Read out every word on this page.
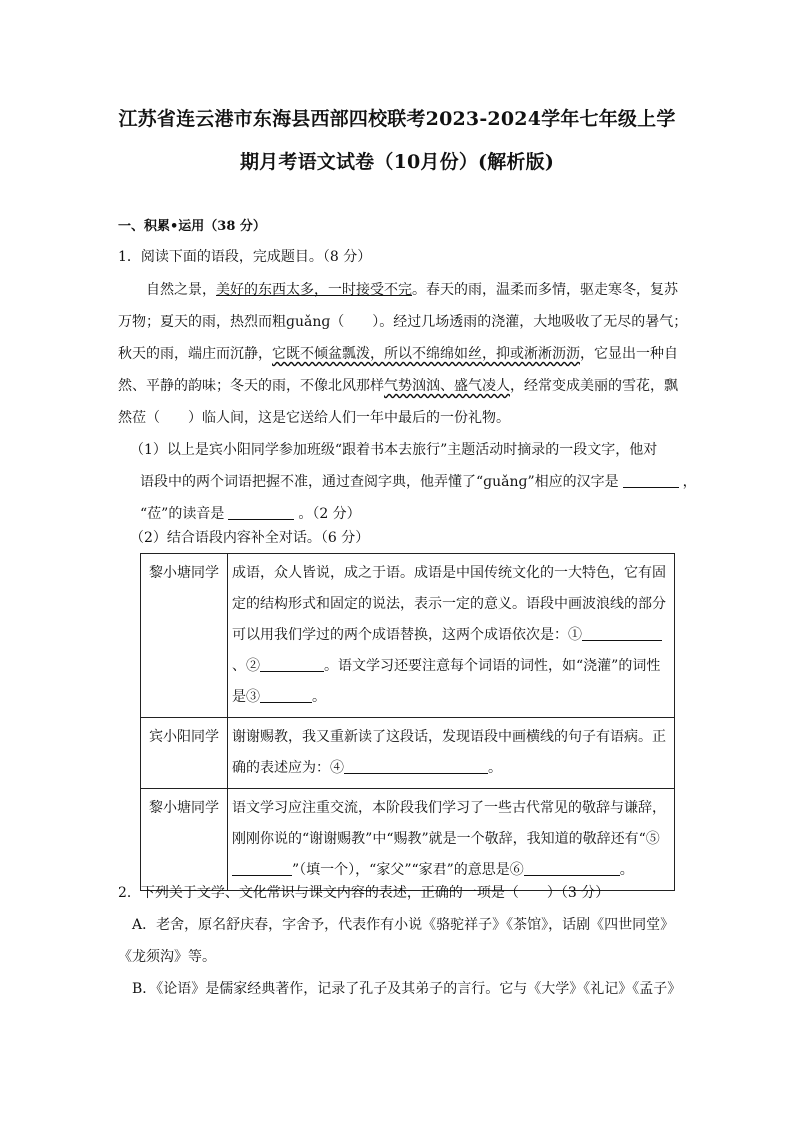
江苏省连云港市东海县西部四校联考2023-2024学年七年级上学
期月考语文试卷（10月份）(解析版)
一、积累•运用（38 分）
1．阅读下面的语段，完成题目。（8 分）
自然之景，美好的东西太多，一时接受不完。春天的雨，温柔而多情，驱走寒冬，复苏
万物；夏天的雨，热烈而粗ɡuǎnɡ（　　）。经过几场透雨的浇灌，大地吸收了无尽的暑气；
秋天的雨，端庄而沉静，它既不倾盆瓢泼，所以不绵绵如丝，抑或淅淅沥沥，它显出一种自
然、平静的韵味；冬天的雨，不像北风那样气势汹汹、盛气凌人，经常变成美丽的雪花，飘
然莅（　　）临人间，这是它送给人们一年中最后的一份礼物。
（1）以上是宾小阳同学参加班级“跟着书本去旅行”主题活动时摘录的一段文字，他对
语段中的两个词语把握不准，通过查阅字典，他弄懂了“ɡuǎnɡ”相应的汉字是	，
“莅”的读音是	。（2 分）
（2）结合语段内容补全对话。（6 分）
黎小塘同学	成语，众人皆说，成之于语。成语是中国传统文化的一大特色，它有固定的结构形式和固定的说法，表示一定的意义。语段中画波浪线的部分可以用我们学过的两个成语替换，这两个成语依次是：①、② 。语文学习还要注意每个词语的词性，如“浇灌”的词性是③ 。
宾小阳同学	谢谢赐教，我又重新读了这段话，发现语段中画横线的句子有语病。正确的表述应为：④ 。
黎小塘同学	语文学习应注重交流，本阶段我们学习了一些古代常见的敬辞与谦辞，刚刚你说的“谢谢赐教”中“赐教”就是一个敬辞，我知道的敬辞还有“⑤”（填一个），“家父”“家君”的意思是⑥ 。
2．下列关于文学、文化常识与课文内容的表述，正确的一项是（　　）（3 分）
A．老舍，原名舒庆春，字舍予，代表作有小说《骆驼祥子》《茶馆》，话剧《四世同堂》
《龙须沟》等。
B．《论语》是儒家经典著作，记录了孔子及其弟子的言行。它与《大学》《礼记》《孟子》
